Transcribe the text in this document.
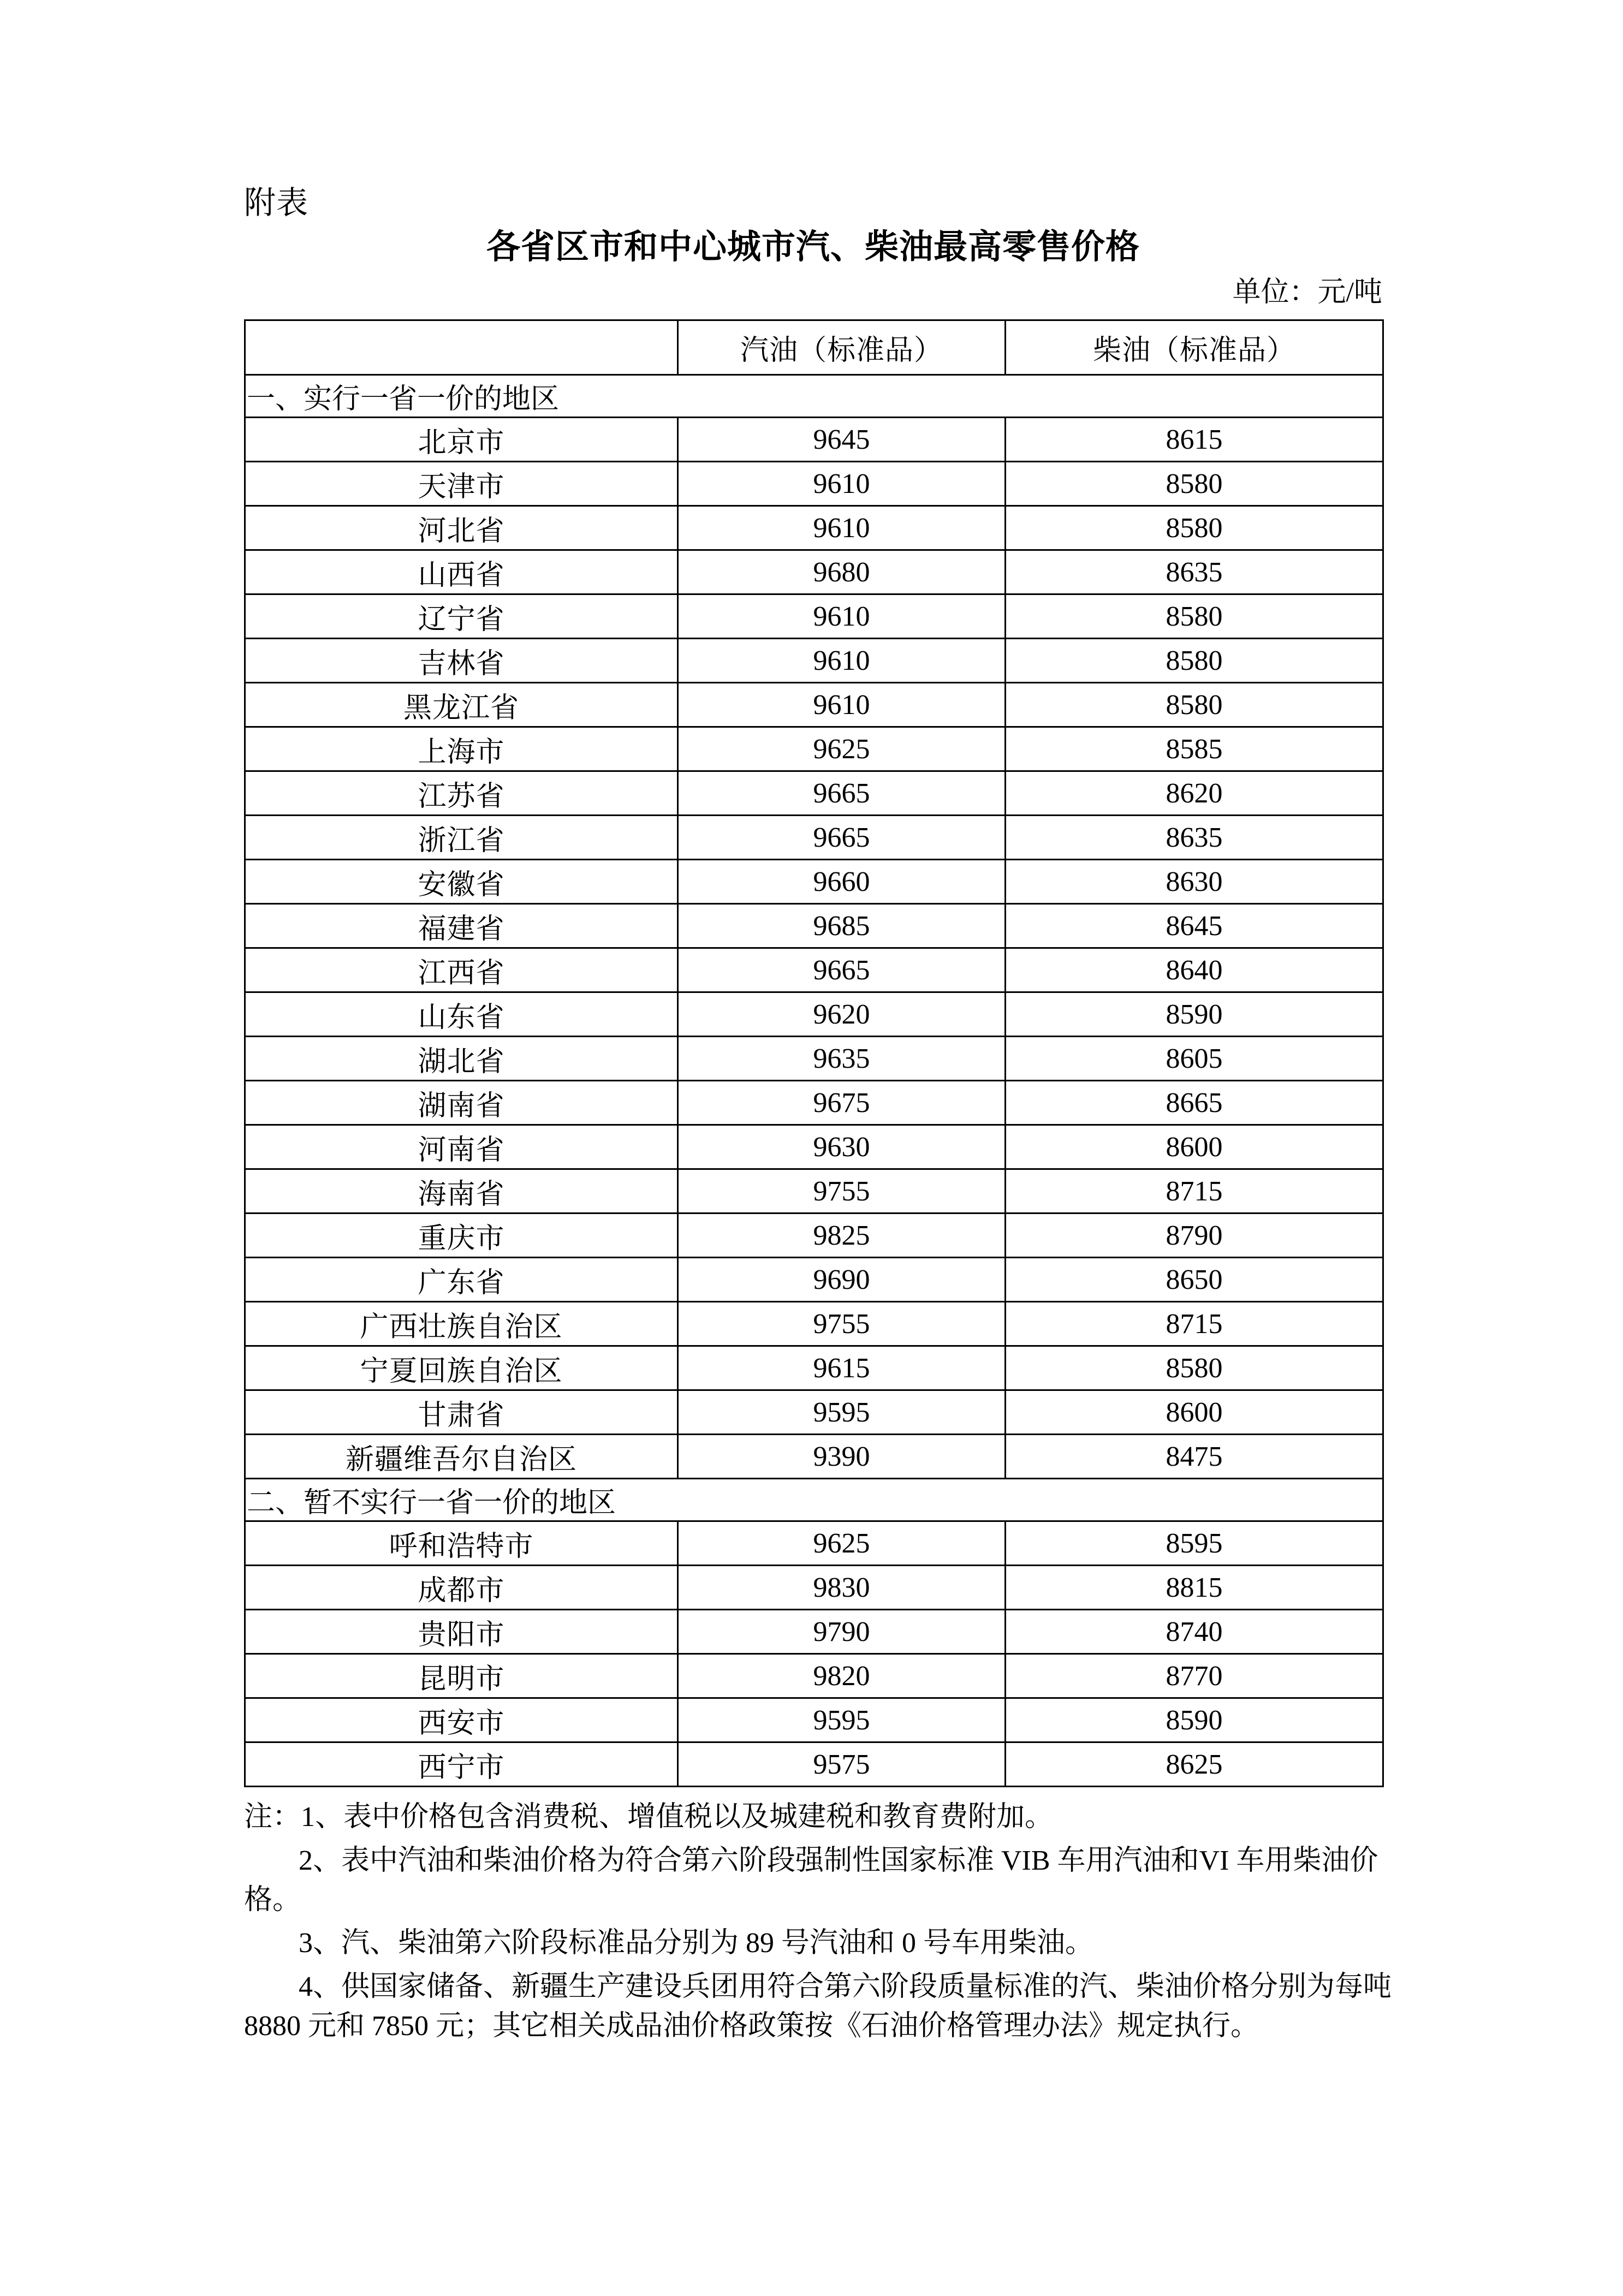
附表
各省区市和中心城市汽、柴油最高零售价格
单位：元/吨
	汽油（标准品）	柴油（标准品）
一、实行一省一价的地区		
北京市	9645	8615
天津市	9610	8580
河北省	9610	8580
山西省	9680	8635
辽宁省	9610	8580
吉林省	9610	8580
黑龙江省	9610	8580
上海市	9625	8585
江苏省	9665	8620
浙江省	9665	8635
安徽省	9660	8630
福建省	9685	8645
江西省	9665	8640
山东省	9620	8590
湖北省	9635	8605
湖南省	9675	8665
河南省	9630	8600
海南省	9755	8715
重庆市	9825	8790
广东省	9690	8650
广西壮族自治区	9755	8715
宁夏回族自治区	9615	8580
甘肃省	9595	8600
新疆维吾尔自治区	9390	8475
二、暂不实行一省一价的地区		
呼和浩特市	9625	8595
成都市	9830	8815
贵阳市	9790	8740
昆明市	9820	8770
西安市	9595	8590
西宁市	9575	8625

注：1、表中价格包含消费税、增值税以及城建税和教育费附加。

2、表中汽油和柴油价格为符合第六阶段强制性国家标准 VIB 车用汽油和VI 车用柴油价格。

3、汽、柴油第六阶段标准品分别为 89 号汽油和 0 号车用柴油。

4、供国家储备、新疆生产建设兵团用符合第六阶段质量标准的汽、柴油价格分别为每吨 8880 元和 7850 元；其它相关成品油价格政策按《石油价格管理办法》规定执行。
